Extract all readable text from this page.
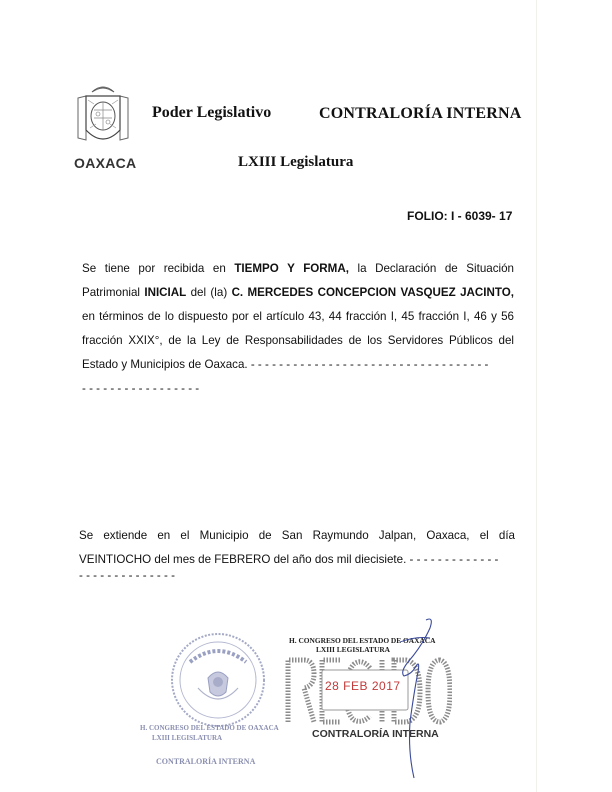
OAXACA
Poder Legislativo	CONTRALORÍA INTERNA
LXIII Legislatura
FOLIO: I - 6039- 17
Se tiene por recibida en TIEMPO Y FORMA, la Declaración de Situación
Patrimonial INICIAL del (la) C. MERCEDES CONCEPCION VASQUEZ JACINTO,
en términos de lo dispuesto por el artículo 43, 44 fracción I, 45 fracción I, 46 y 56
fracción XXIX°, de la Ley de Responsabilidades de los Servidores Públicos del
Estado y Municipios de Oaxaca. - - - - - - - - - - - - - - - - - - - - - - - - - - - - - - - - - -
- - - - - - - - - - - - - - - - -
Se extiende en el Municipio de San Raymundo Jalpan, Oaxaca, el día
VEINTIOCHO del mes de FEBRERO del año dos mil diecisiete. - - - - - - - - - - - - -
- - - - - - - - - - - - - -
H. CONGRESO DEL ESTADO DE OAXACA
LXIII LEGISLATURA
CONTRALORÍA INTERNA
H. CONGRESO DEL ESTADO DE OAXACA
LXIII LEGISLATURA
28 FEB 2017
CONTRALORÍA INTERNA
